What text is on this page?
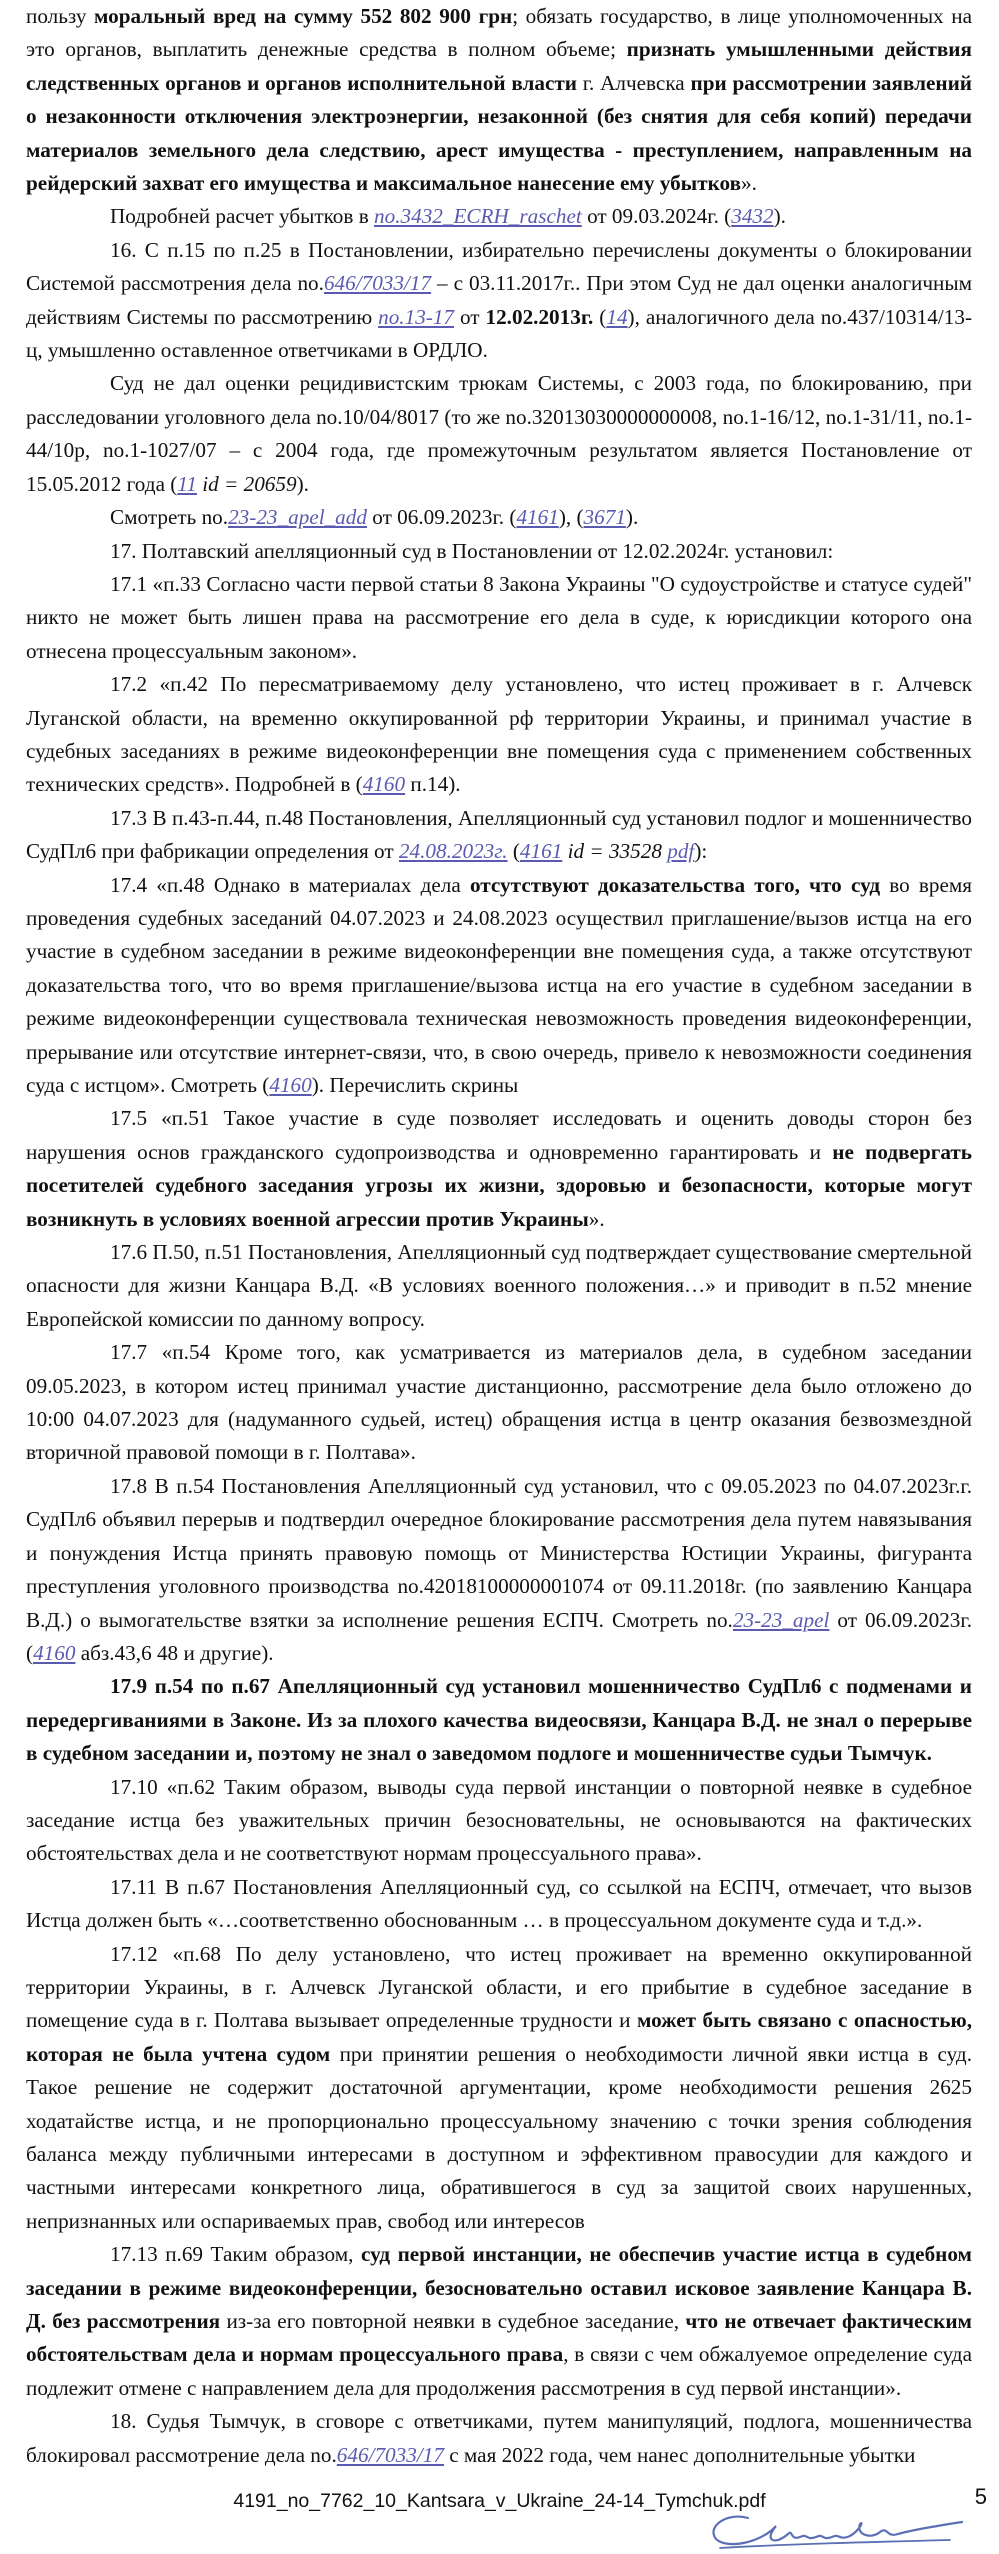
пользу моральный вред на сумму 552 802 900 грн; обязать государство, в лице уполномоченных на это органов, выплатить денежные средства в полном объеме; признать умышленными действия следственных органов и органов исполнительной власти г. Алчевска при рассмотрении заявлений о незаконности отключения электроэнергии, незаконной (без снятия для себя копий) передачи материалов земельного дела следствию, арест имущества - преступлением, направленным на рейдерский захват его имущества и максимальное нанесение ему убытков».

Подробней расчет убытков в no.3432_ECRH_raschet от 09.03.2024г. (3432).

16. С п.15 по п.25 в Постановлении, избирательно перечислены документы о блокировании Системой рассмотрения дела no.646/7033/17 – с 03.11.2017г.. При этом Суд не дал оценки аналогичным действиям Системы по рассмотрению no.13-17 от 12.02.2013г. (14), аналогичного дела no.437/10314/13-ц, умышленно оставленное ответчиками в ОРДЛО.

Суд не дал оценки рецидивистским трюкам Системы, с 2003 года, по блокированию, при расследовании уголовного дела no.10/04/8017 (то же no.32013030000000008, no.1-16/12, no.1-31/11, no.1-44/10р, no.1-1027/07 – с 2004 года, где промежуточным результатом является Постановление от 15.05.2012 года (11 id = 20659).

Смотреть no.23-23_apel_add от 06.09.2023г. (4161), (3671).

17. Полтавский апелляционный суд в Постановлении от 12.02.2024г. установил:

17.1 «п.33 Согласно части первой статьи 8 Закона Украины "О судоустройстве и статусе судей" никто не может быть лишен права на рассмотрение его дела в суде, к юрисдикции которого она отнесена процессуальным законом».

17.2 «п.42 По пересматриваемому делу установлено, что истец проживает в г. Алчевск Луганской области, на временно оккупированной рф территории Украины, и принимал участие в судебных заседаниях в режиме видеоконференции вне помещения суда с применением собственных технических средств». Подробней в (4160 п.14).

17.3 В п.43-п.44, п.48 Постановления, Апелляционный суд установил подлог и мошенничество СудПл6 при фабрикации определения от 24.08.2023г. (4161 id = 33528 pdf):

17.4 «п.48 Однако в материалах дела отсутствуют доказательства того, что суд во время проведения судебных заседаний 04.07.2023 и 24.08.2023 осуществил приглашение/вызов истца на его участие в судебном заседании в режиме видеоконференции вне помещения суда, а также отсутствуют доказательства того, что во время приглашение/вызова истца на его участие в судебном заседании в режиме видеоконференции существовала техническая невозможность проведения видеоконференции, прерывание или отсутствие интернет-связи, что, в свою очередь, привело к невозможности соединения суда с истцом». Смотреть (4160). Перечислить скрины

17.5 «п.51 Такое участие в суде позволяет исследовать и оценить доводы сторон без нарушения основ гражданского судопроизводства и одновременно гарантировать и не подвергать посетителей судебного заседания угрозы их жизни, здоровью и безопасности, которые могут возникнуть в условиях военной агрессии против Украины».

17.6 П.50, п.51 Постановления, Апелляционный суд подтверждает существование смертельной опасности для жизни Канцара В.Д. «В условиях военного положения…» и приводит в п.52 мнение Европейской комиссии по данному вопросу.

17.7 «п.54 Кроме того, как усматривается из материалов дела, в судебном заседании 09.05.2023, в котором истец принимал участие дистанционно, рассмотрение дела было отложено до 10:00 04.07.2023 для (надуманного судьей, истец) обращения истца в центр оказания безвозмездной вторичной правовой помощи в г. Полтава».

17.8 В п.54 Постановления Апелляционный суд установил, что с 09.05.2023 по 04.07.2023г.г. СудПл6 объявил перерыв и подтвердил очередное блокирование рассмотрения дела путем навязывания и понуждения Истца принять правовую помощь от Министерства Юстиции Украины, фигуранта преступления уголовного производства no.42018100000001074 от 09.11.2018г. (по заявлению Канцара В.Д.) о вымогательстве взятки за исполнение решения ЕСПЧ. Смотреть no.23-23_apel от 06.09.2023г. (4160 абз.43,6 48 и другие).

17.9 п.54 по п.67 Апелляционный суд установил мошенничество СудПл6 с подменами и передергиваниями в Законе. Из за плохого качества видеосвязи, Канцара В.Д. не знал о перерыве в судебном заседании и, поэтому не знал о заведомом подлоге и мошенничестве судьи Тымчук.

17.10 «п.62 Таким образом, выводы суда первой инстанции о повторной неявке в судебное заседание истца без уважительных причин безосновательны, не основываются на фактических обстоятельствах дела и не соответствуют нормам процессуального права».

17.11 В п.67 Постановления Апелляционный суд, со ссылкой на ЕСПЧ, отмечает, что вызов Истца должен быть «…соответственно обоснованным … в процессуальном документе суда и т.д.».

17.12 «п.68 По делу установлено, что истец проживает на временно оккупированной территории Украины, в г. Алчевск Луганской области, и его прибытие в судебное заседание в помещение суда в г. Полтава вызывает определенные трудности и может быть связано с опасностью, которая не была учтена судом при принятии решения о необходимости личной явки истца в суд. Такое решение не содержит достаточной аргументации, кроме необходимости решения 2625 ходатайстве истца, и не пропорционально процессуальному значению с точки зрения соблюдения баланса между публичными интересами в доступном и эффективном правосудии для каждого и частными интересами конкретного лица, обратившегося в суд за защитой своих нарушенных, непризнанных или оспариваемых прав, свобод или интересов

17.13 п.69 Таким образом, суд первой инстанции, не обеспечив участие истца в судебном заседании в режиме видеоконференции, безосновательно оставил исковое заявление Канцара В. Д. без рассмотрения из-за его повторной неявки в судебное заседание, что не отвечает фактическим обстоятельствам дела и нормам процессуального права, в связи с чем обжалуемое определение суда подлежит отмене с направлением дела для продолжения рассмотрения в суд первой инстанции».

18. Судья Тымчук, в сговоре с ответчиками, путем манипуляций, подлога, мошенничества блокировал рассмотрение дела no.646/7033/17 с мая 2022 года, чем нанес дополнительные убытки

4191_no_7762_10_Kantsara_v_Ukraine_24-14_Tymchuk.pdf	5
